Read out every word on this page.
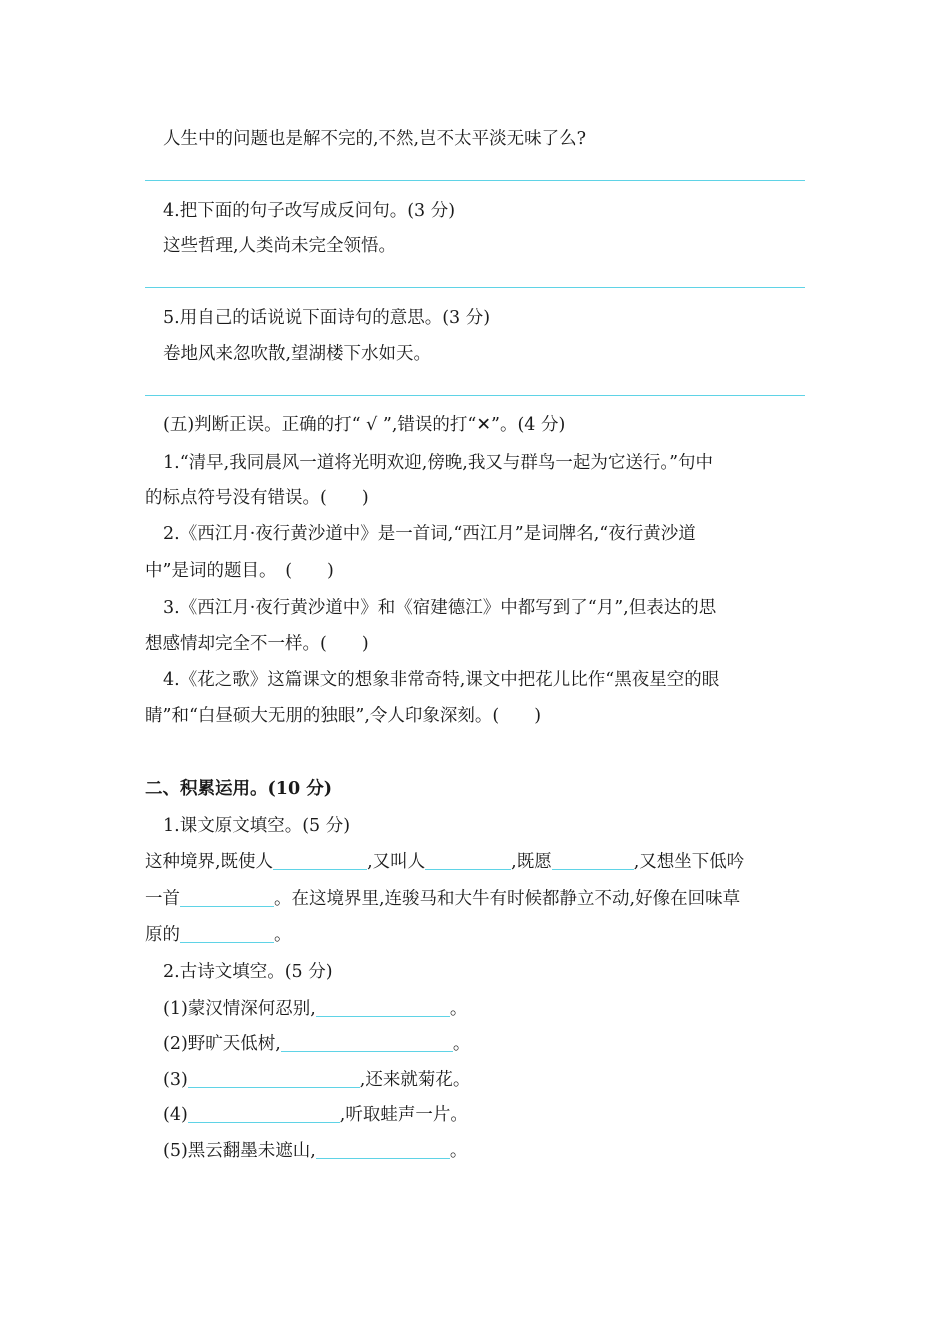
人生中的问题也是解不完的,不然,岂不太平淡无味了么?
4.把下面的句子改写成反问句。(3 分)
这些哲理,人类尚未完全领悟。
5.用自己的话说说下面诗句的意思。(3 分)
卷地风来忽吹散,望湖楼下水如天。
(五)判断正误。正确的打“ √ ”,错误的打“✕”。(4 分)
1.“清早,我同晨风一道将光明欢迎,傍晚,我又与群鸟一起为它送行。”句中
的标点符号没有错误。(　　)
2.《西江月·夜行黄沙道中》是一首词,“西江月”是词牌名,“夜行黄沙道
中”是词的题目。　(　　)
3.《西江月·夜行黄沙道中》和《宿建德江》中都写到了“月”,但表达的思
想感情却完全不一样。(　　)
4.《花之歌》这篇课文的想象非常奇特,课文中把花儿比作“黑夜星空的眼
睛”和“白昼硕大无朋的独眼”,令人印象深刻。(　　)
二、积累运用。(10 分)
1.课文原文填空。(5 分)
这种境界,既使人	,又叫人	,既愿	,又想坐下低吟
一首	。在这境界里,连骏马和大牛有时候都静立不动,好像在回味草
原的	。
2.古诗文填空。(5 分)
(1)蒙汉情深何忍别,	。
(2)野旷天低树,	。
(3)	,还来就菊花。
(4)	,听取蛙声一片。
(5)黑云翻墨未遮山,	。
